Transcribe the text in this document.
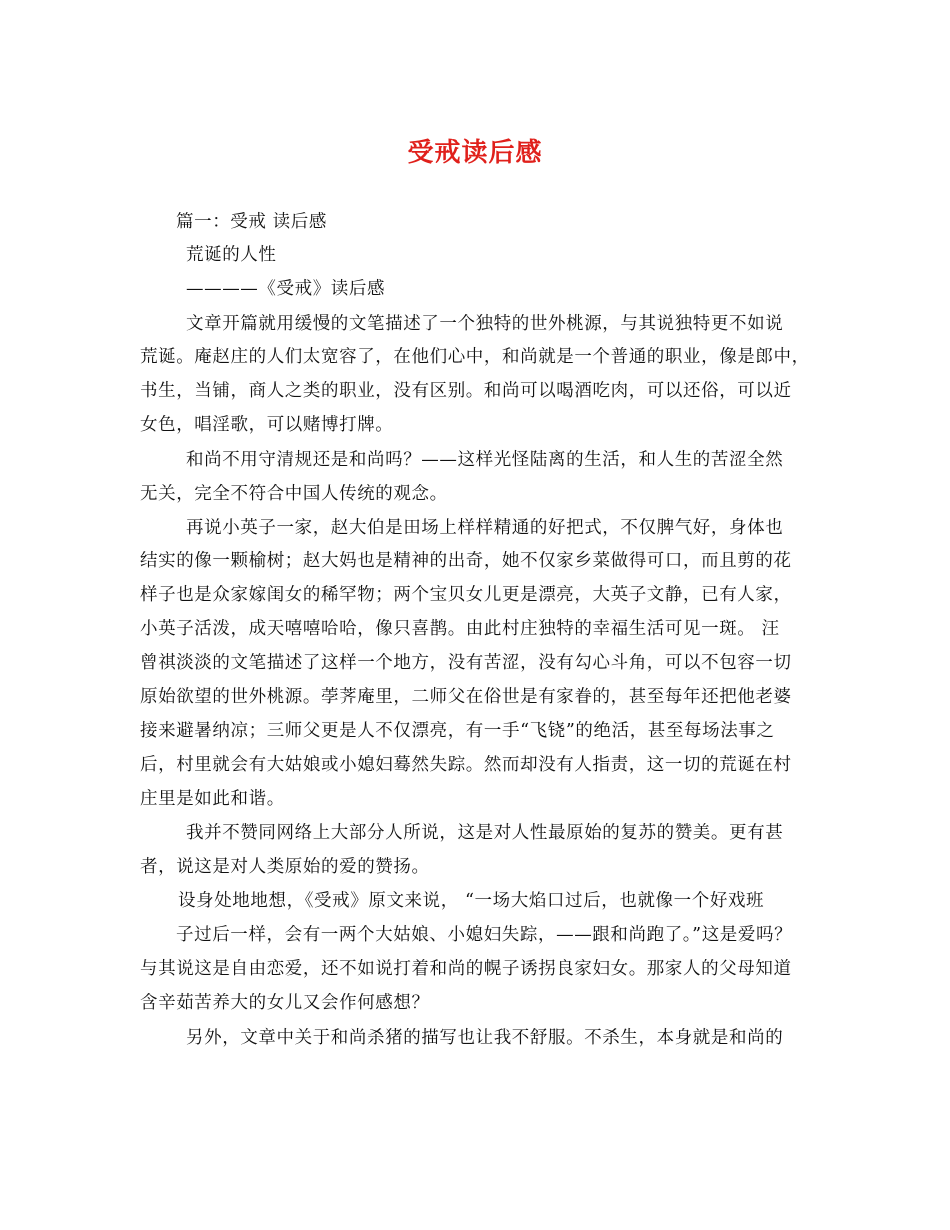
受戒读后感
篇一：受戒 读后感
荒诞的人性
————《受戒》读后感
文章开篇就用缓慢的文笔描述了一个独特的世外桃源，与其说独特更不如说
荒诞。庵赵庄的人们太宽容了，在他们心中，和尚就是一个普通的职业，像是郎中，
书生，当铺，商人之类的职业，没有区别。和尚可以喝酒吃肉，可以还俗，可以近
女色，唱淫歌，可以赌博打牌。
和尚不用守清规还是和尚吗？——这样光怪陆离的生活，和人生的苦涩全然
无关，完全不符合中国人传统的观念。
再说小英子一家，赵大伯是田场上样样精通的好把式，不仅脾气好，身体也
结实的像一颗榆树；赵大妈也是精神的出奇，她不仅家乡菜做得可口，而且剪的花
样子也是众家嫁闺女的稀罕物；两个宝贝女儿更是漂亮，大英子文静，已有人家，
小英子活泼，成天嘻嘻哈哈，像只喜鹊。由此村庄独特的幸福生活可见一斑。 汪
曾祺淡淡的文笔描述了这样一个地方，没有苦涩，没有勾心斗角，可以不包容一切
原始欲望的世外桃源。荸荠庵里，二师父在俗世是有家眷的，甚至每年还把他老婆
接来避暑纳凉；三师父更是人不仅漂亮，有一手“飞铙”的绝活，甚至每场法事之
后，村里就会有大姑娘或小媳妇蓦然失踪。然而却没有人指责，这一切的荒诞在村
庄里是如此和谐。
我并不赞同网络上大部分人所说，这是对人性最原始的复苏的赞美。更有甚
者，说这是对人类原始的爱的赞扬。
设身处地地想，《受戒》原文来说， “一场大焰口过后，也就像一个好戏班
子过后一样，会有一两个大姑娘、小媳妇失踪，——跟和尚跑了。”这是爱吗？
与其说这是自由恋爱，还不如说打着和尚的幌子诱拐良家妇女。那家人的父母知道
含辛茹苦养大的女儿又会作何感想？
另外，文章中关于和尚杀猪的描写也让我不舒服。不杀生，本身就是和尚的
